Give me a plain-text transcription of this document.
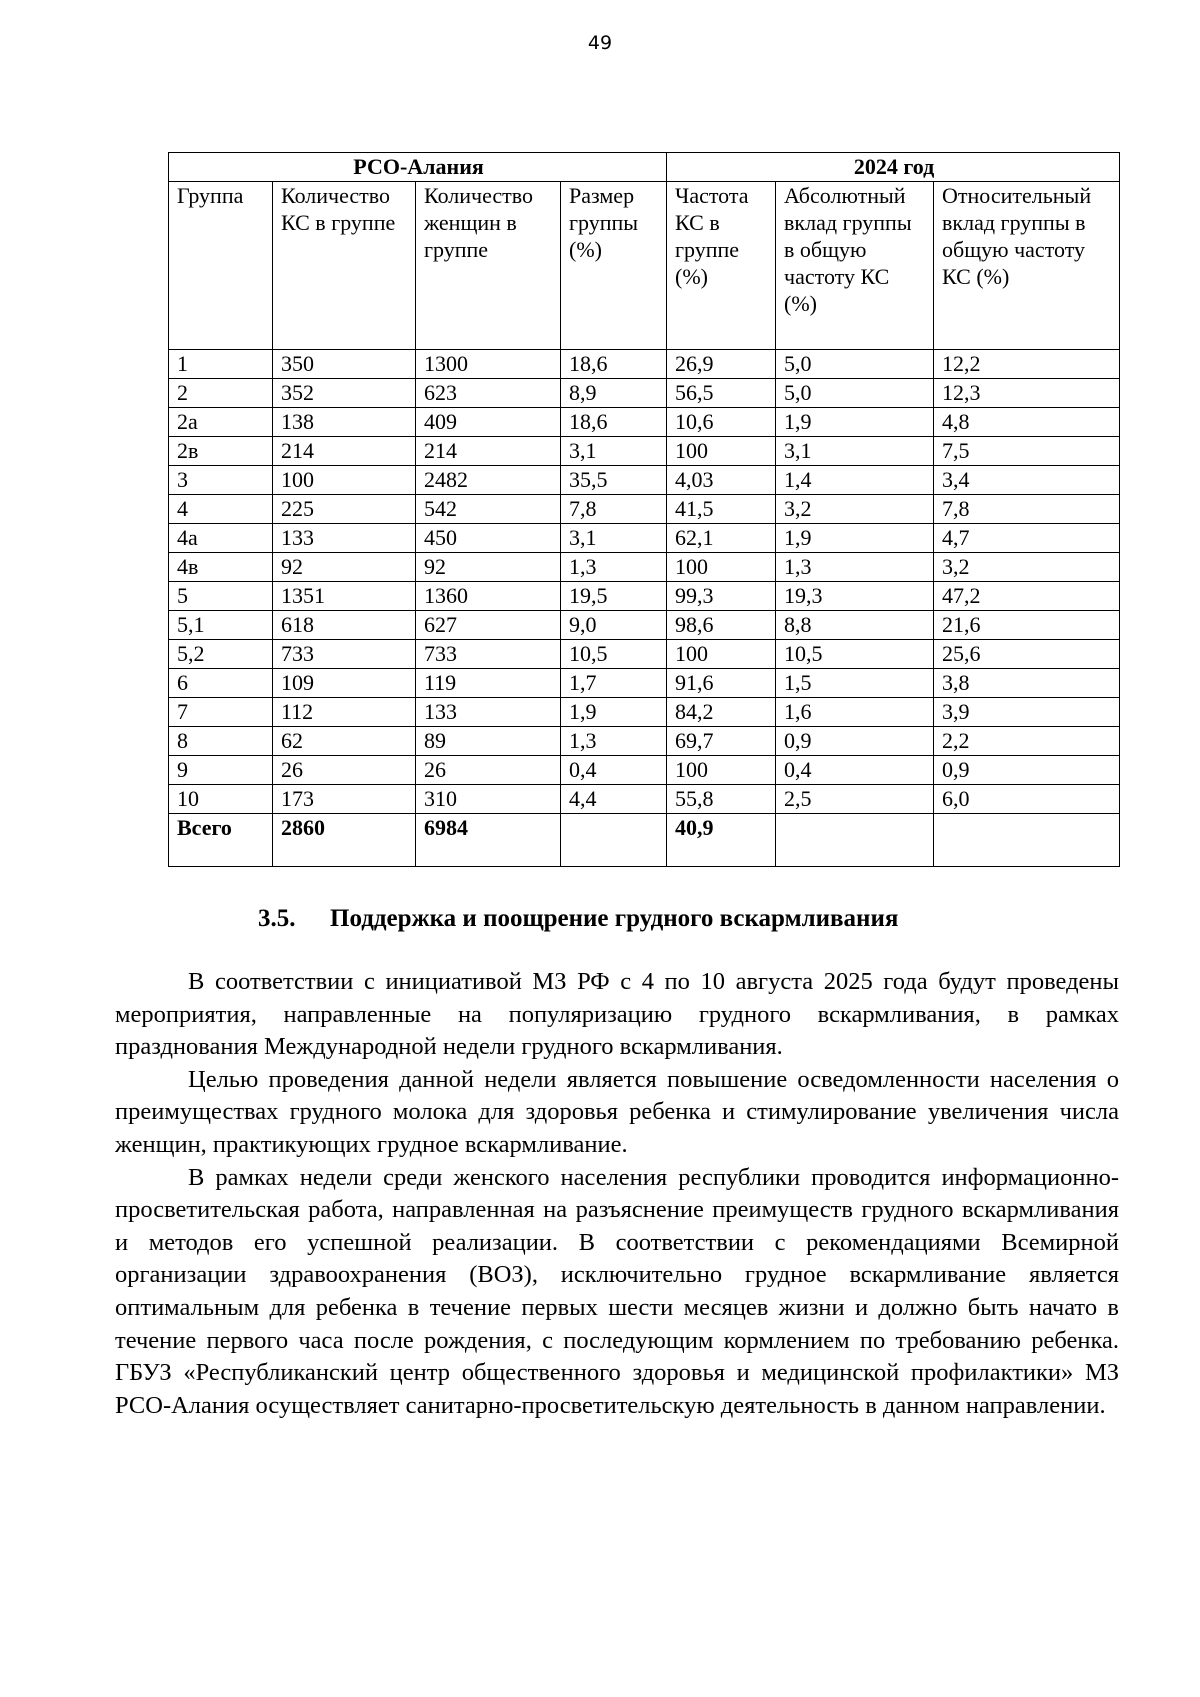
49
РСО-Алания				2024 год		
Группа	Количество КС в группе	Количество женщин в группе	Размер группы (%)	Частота КС в группе (%)	Абсолютный вклад группы в общую частоту КС (%)	Относительный вклад группы в общую частоту КС (%)
1	350	1300	18,6	26,9	5,0	12,2
2	352	623	8,9	56,5	5,0	12,3
2а	138	409	18,6	10,6	1,9	4,8
2в	214	214	3,1	100	3,1	7,5
3	100	2482	35,5	4,03	1,4	3,4
4	225	542	7,8	41,5	3,2	7,8
4а	133	450	3,1	62,1	1,9	4,7
4в	92	92	1,3	100	1,3	3,2
5	1351	1360	19,5	99,3	19,3	47,2
5,1	618	627	9,0	98,6	8,8	21,6
5,2	733	733	10,5	100	10,5	25,6
6	109	119	1,7	91,6	1,5	3,8
7	112	133	1,9	84,2	1,6	3,9
8	62	89	1,3	69,7	0,9	2,2
9	26	26	0,4	100	0,4	0,9
10	173	310	4,4	55,8	2,5	6,0
Всего	2860	6984		40,9		
3.5. Поддержка и поощрение грудного вскармливания

В соответствии с инициативой МЗ РФ с 4 по 10 августа 2025 года будут проведены мероприятия, направленные на популяризацию грудного вскармливания, в рамках празднования Международной недели грудного вскармливания.

Целью проведения данной недели является повышение осведомленности населения о преимуществах грудного молока для здоровья ребенка и стимулирование увеличения числа женщин, практикующих грудное вскармливание.

В рамках недели среди женского населения республики проводится информационно-просветительская работа, направленная на разъяснение преимуществ грудного вскармливания и методов его успешной реализации. В соответствии с рекомендациями Всемирной организации здравоохранения (ВОЗ), исключительно грудное вскармливание является оптимальным для ребенка в течение первых шести месяцев жизни и должно быть начато в течение первого часа после рождения, с последующим кормлением по требованию ребенка. ГБУЗ «Республиканский центр общественного здоровья и медицинской профилактики» МЗ РСО-Алания осуществляет санитарно-просветительскую деятельность в данном направлении.
